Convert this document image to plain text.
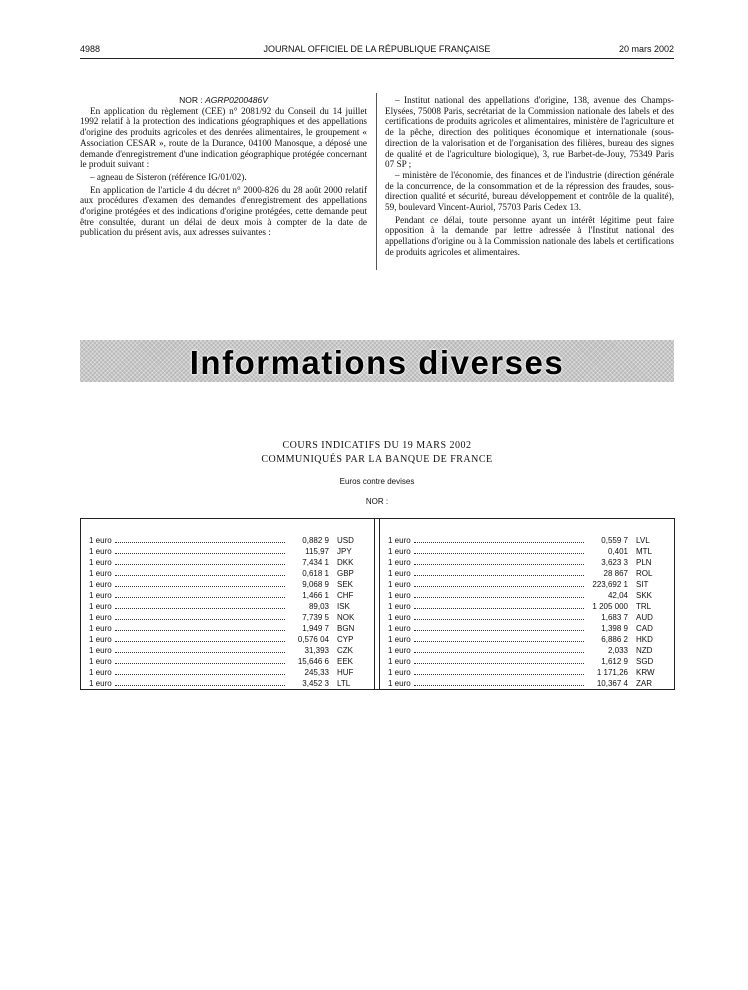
4988	JOURNAL OFFICIEL DE LA RÉPUBLIQUE FRANÇAISE	20 mars 2002

NOR : AGRP0200486V

En application du règlement (CEE) n° 2081/92 du Conseil du 14 juillet 1992 relatif à la protection des indications géographiques et des appellations d'origine des produits agricoles et des denrées alimentaires, le groupement « Association CESAR », route de la Durance, 04100 Manosque, a déposé une demande d'enregistrement d'une indication géographique protégée concernant le produit suivant :

– agneau de Sisteron (référence IG/01/02).

En application de l'article 4 du décret n° 2000-826 du 28 août 2000 relatif aux procédures d'examen des demandes d'enregistrement des appellations d'origine protégées et des indications d'origine protégées, cette demande peut être consultée, durant un délai de deux mois à compter de la date de publication du présent avis, aux adresses suivantes :

– Institut national des appellations d'origine, 138, avenue des Champs-Elysées, 75008 Paris, secrétariat de la Commission nationale des labels et des certifications de produits agricoles et alimentaires, ministère de l'agriculture et de la pêche, direction des politiques économique et internationale (sous-direction de la valorisation et de l'organisation des filières, bureau des signes de qualité et de l'agriculture biologique), 3, rue Barbet-de-Jouy, 75349 Paris 07 SP ;

– ministère de l'économie, des finances et de l'industrie (direction générale de la concurrence, de la consommation et de la répression des fraudes, sous-direction qualité et sécurité, bureau développement et contrôle de la qualité), 59, boulevard Vincent-Auriol, 75703 Paris Cedex 13.

Pendant ce délai, toute personne ayant un intérêt légitime peut faire opposition à la demande par lettre adressée à l'Institut national des appellations d'origine ou à la Commission nationale des labels et certifications de produits agricoles et alimentaires.

Informations diverses
COURS INDICATIFS DU 19 MARS 2002
COMMUNIQUÉS PAR LA BANQUE DE FRANCE
Euros contre devises
NOR :
1 euro	0,882 9	USD
1 euro	115,97	JPY
1 euro	7,434 1	DKK
1 euro	0,618 1	GBP
1 euro	9,068 9	SEK
1 euro	1,466 1	CHF
1 euro	89,03	ISK
1 euro	7,739 5	NOK
1 euro	1,949 7	BGN
1 euro	0,576 04	CYP
1 euro	31,393	CZK
1 euro	15,646 6	EEK
1 euro	245,33	HUF
1 euro	3,452 3	LTL
1 euro	0,559 7	LVL
1 euro	0,401	MTL
1 euro	3,623 3	PLN
1 euro	28 867	ROL
1 euro	223,692 1	SIT
1 euro	42,04	SKK
1 euro	1 205 000	TRL
1 euro	1,683 7	AUD
1 euro	1,398 9	CAD
1 euro	6,886 2	HKD
1 euro	2,033	NZD
1 euro	1,612 9	SGD
1 euro	1 171,26	KRW
1 euro	10,367 4	ZAR
